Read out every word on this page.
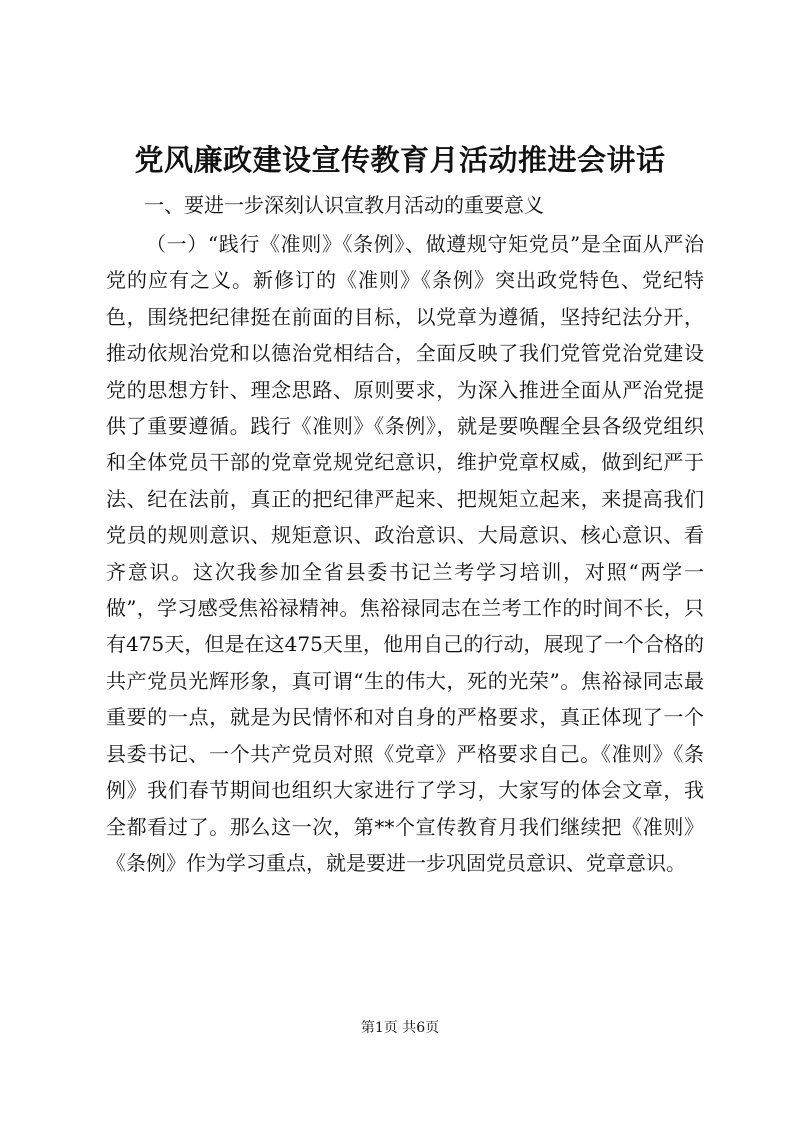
党风廉政建设宣传教育月活动推进会讲话

一、要进一步深刻认识宣教月活动的重要意义

（一）“践行《准则》《条例》、做遵规守矩党员”是全面从严治党的应有之义。新修订的《准则》《条例》突出政党特色、党纪特色，围绕把纪律挺在前面的目标，以党章为遵循，坚持纪法分开，推动依规治党和以德治党相结合，全面反映了我们党管党治党建设党的思想方针、理念思路、原则要求，为深入推进全面从严治党提供了重要遵循。践行《准则》《条例》，就是要唤醒全县各级党组织和全体党员干部的党章党规党纪意识，维护党章权威，做到纪严于法、纪在法前，真正的把纪律严起来、把规矩立起来，来提高我们党员的规则意识、规矩意识、政治意识、大局意识、核心意识、看齐意识。这次我参加全省县委书记兰考学习培训，对照“两学一做”，学习感受焦裕禄精神。焦裕禄同志在兰考工作的时间不长，只有475天，但是在这475天里，他用自己的行动，展现了一个合格的共产党员光辉形象，真可谓“生的伟大，死的光荣”。焦裕禄同志最重要的一点，就是为民情怀和对自身的严格要求，真正体现了一个县委书记、一个共产党员对照《党章》严格要求自己。《准则》《条例》我们春节期间也组织大家进行了学习，大家写的体会文章，我全都看过了。那么这一次，第**个宣传教育月我们继续把《准则》《条例》作为学习重点，就是要进一步巩固党员意识、党章意识。

第1页 共6页
